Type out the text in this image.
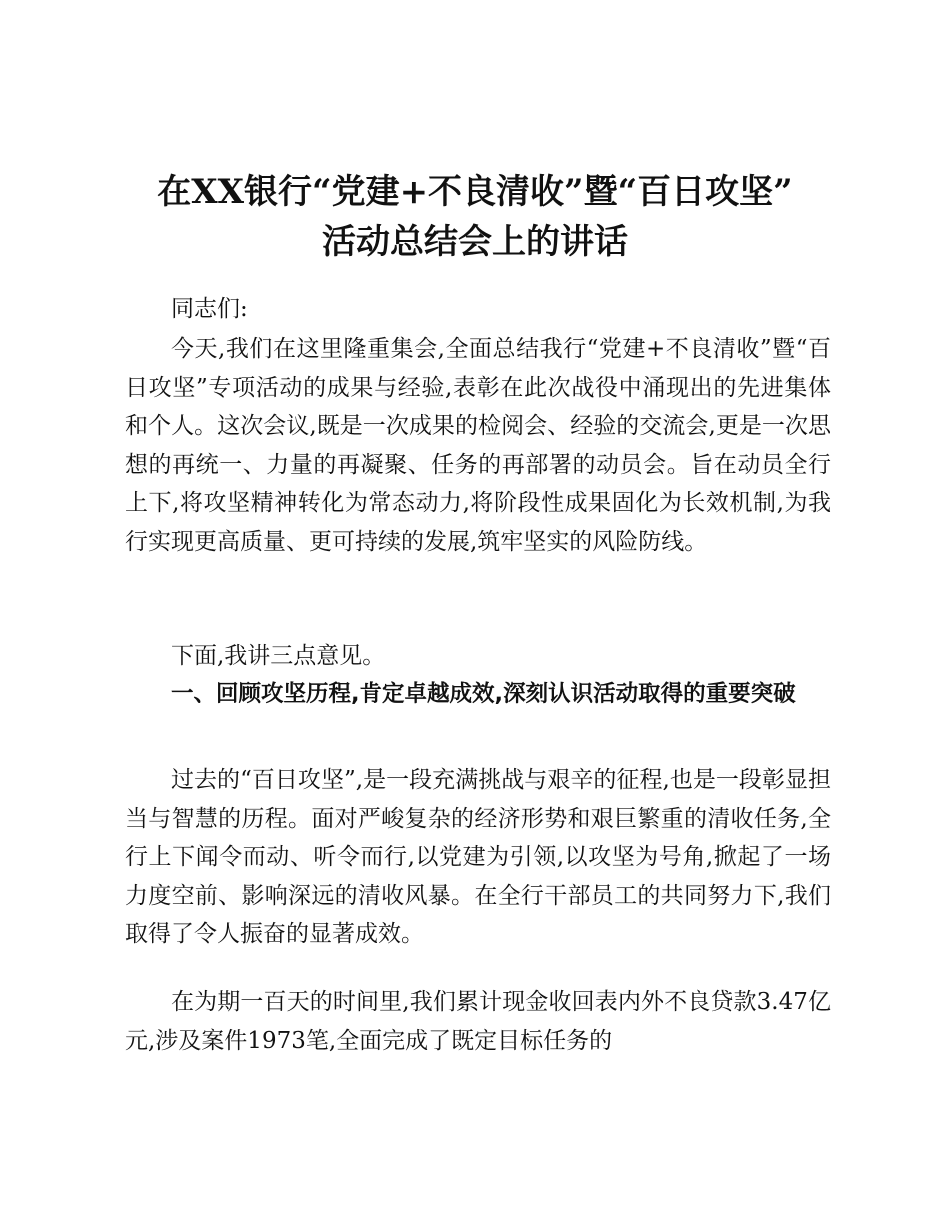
在XX银行“党建+不良清收”暨“百日攻坚”
活动总结会上的讲话

同志们:

今天,我们在这里隆重集会,全面总结我行“党建+不良清收”暨“百日攻坚”专项活动的成果与经验,表彰在此次战役中涌现出的先进集体和个人。这次会议,既是一次成果的检阅会、经验的交流会,更是一次思想的再统一、力量的再凝聚、任务的再部署的动员会。旨在动员全行上下,将攻坚精神转化为常态动力,将阶段性成果固化为长效机制,为我行实现更高质量、更可持续的发展,筑牢坚实的风险防线。

下面,我讲三点意见。

一、回顾攻坚历程,肯定卓越成效,深刻认识活动取得的重要突破

过去的“百日攻坚”,是一段充满挑战与艰辛的征程,也是一段彰显担当与智慧的历程。面对严峻复杂的经济形势和艰巨繁重的清收任务,全行上下闻令而动、听令而行,以党建为引领,以攻坚为号角,掀起了一场力度空前、影响深远的清收风暴。在全行干部员工的共同努力下,我们取得了令人振奋的显著成效。

在为期一百天的时间里,我们累计现金收回表内外不良贷款3.47亿元,涉及案件1973笔,全面完成了既定目标任务的
